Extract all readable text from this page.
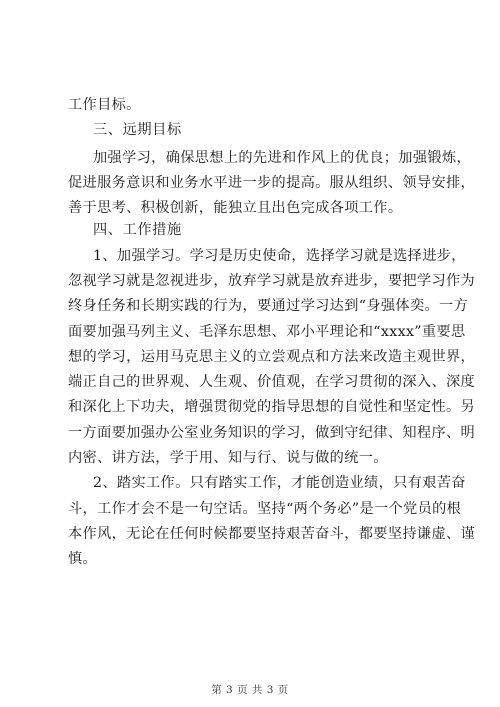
工作目标。
三、远期目标
加强学习，确保思想上的先进和作风上的优良；加强锻炼，
促进服务意识和业务水平进一步的提高。服从组织、领导安排，
善于思考、积极创新，能独立且出色完成各项工作。
四、工作措施
1、加强学习。学习是历史使命，选择学习就是选择进步，
忽视学习就是忽视进步，放弃学习就是放弃进步，要把学习作为
终身任务和长期实践的行为，要通过学习达到“身强体奕。一方
面要加强马列主义、毛泽东思想、邓小平理论和“xxxx”重要思
想的学习，运用马克思主义的立尝观点和方法来改造主观世界，
端正自己的世界观、人生观、价值观，在学习贯彻的深入、深度
和深化上下功夫，增强贯彻党的指导思想的自觉性和坚定性。另
一方面要加强办公室业务知识的学习，做到守纪律、知程序、明
内密、讲方法，学于用、知与行、说与做的统一。
2、踏实工作。只有踏实工作，才能创造业绩，只有艰苦奋
斗，工作才会不是一句空话。坚持“两个务必”是一个党员的根
本作风，无论在任何时候都要坚持艰苦奋斗，都要坚持谦虚、谨
慎。
第 3 页 共 3 页
